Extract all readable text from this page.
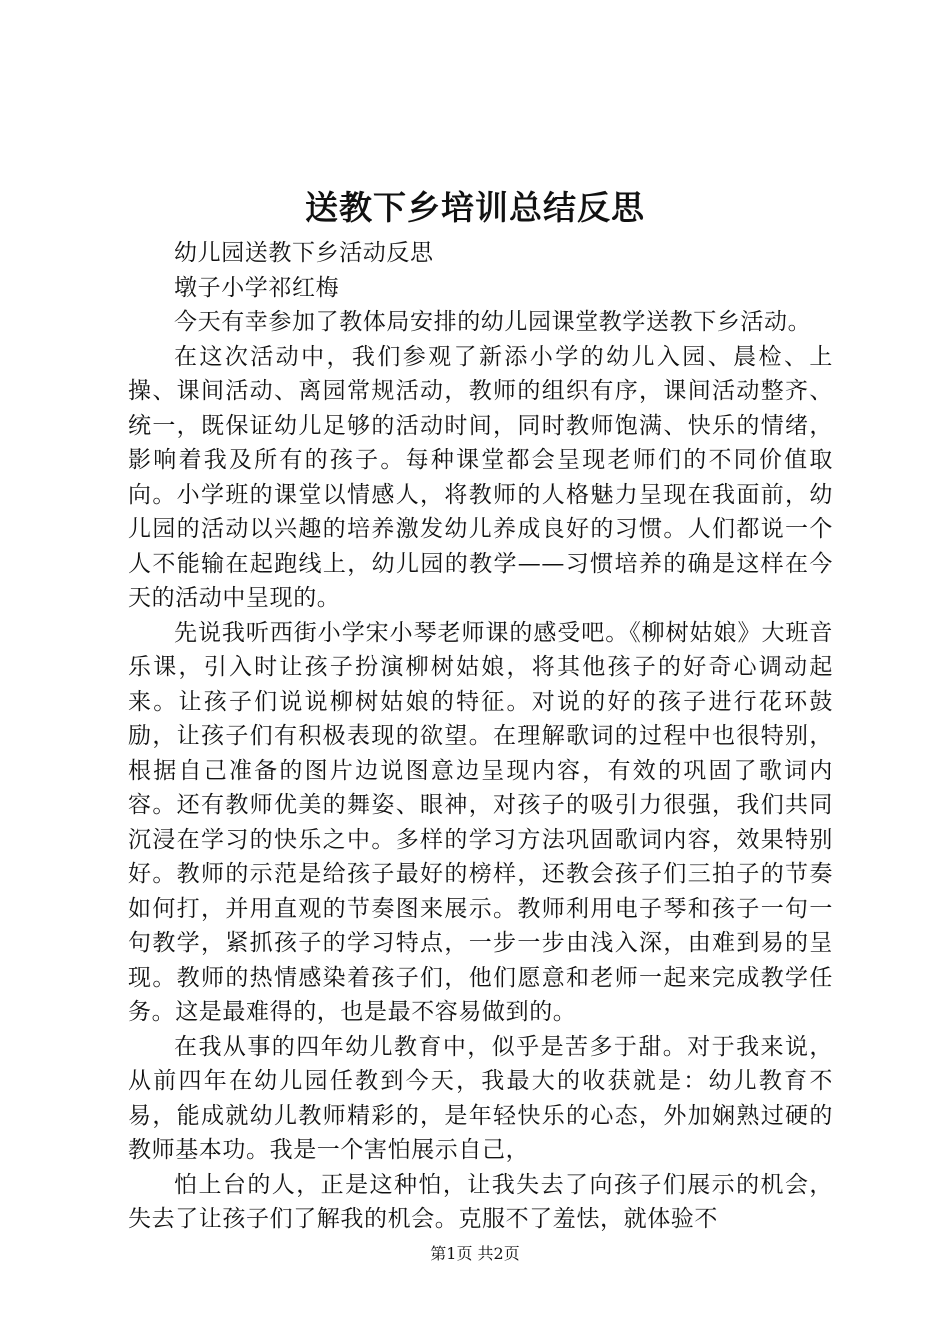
送教下乡培训总结反思

幼儿园送教下乡活动反思

墩子小学祁红梅

今天有幸参加了教体局安排的幼儿园课堂教学送教下乡活动。

在这次活动中，我们参观了新添小学的幼儿入园、晨检、上操、课间活动、离园常规活动，教师的组织有序，课间活动整齐、统一，既保证幼儿足够的活动时间，同时教师饱满、快乐的情绪，影响着我及所有的孩子。每种课堂都会呈现老师们的不同价值取向。小学班的课堂以情感人，将教师的人格魅力呈现在我面前，幼儿园的活动以兴趣的培养激发幼儿养成良好的习惯。人们都说一个人不能输在起跑线上，幼儿园的教学——习惯培养的确是这样在今天的活动中呈现的。

先说我听西街小学宋小琴老师课的感受吧。《柳树姑娘》大班音乐课，引入时让孩子扮演柳树姑娘，将其他孩子的好奇心调动起来。让孩子们说说柳树姑娘的特征。对说的好的孩子进行花环鼓励，让孩子们有积极表现的欲望。在理解歌词的过程中也很特别，根据自己准备的图片边说图意边呈现内容，有效的巩固了歌词内容。还有教师优美的舞姿、眼神，对孩子的吸引力很强，我们共同沉浸在学习的快乐之中。多样的学习方法巩固歌词内容，效果特别好。教师的示范是给孩子最好的榜样，还教会孩子们三拍子的节奏如何打，并用直观的节奏图来展示。教师利用电子琴和孩子一句一句教学，紧抓孩子的学习特点，一步一步由浅入深，由难到易的呈现。教师的热情感染着孩子们，他们愿意和老师一起来完成教学任务。这是最难得的，也是最不容易做到的。

在我从事的四年幼儿教育中，似乎是苦多于甜。对于我来说，从前四年在幼儿园任教到今天，我最大的收获就是：幼儿教育不易，能成就幼儿教师精彩的，是年轻快乐的心态，外加娴熟过硬的教师基本功。我是一个害怕展示自己，

怕上台的人，正是这种怕，让我失去了向孩子们展示的机会，失去了让孩子们了解我的机会。克服不了羞怯，就体验不

第1页 共2页
